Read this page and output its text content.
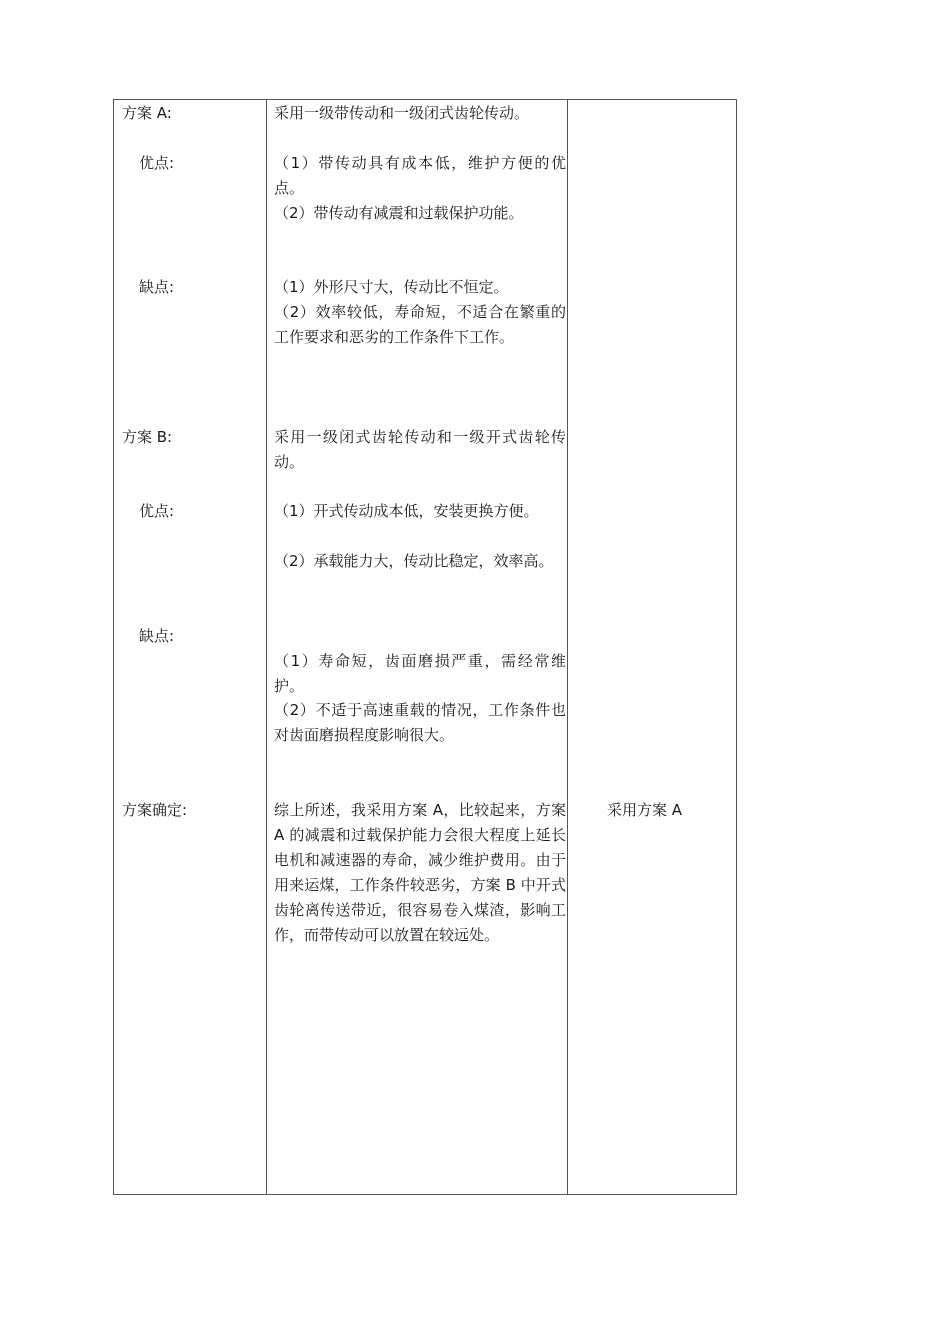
方案 A:
优点:
缺点:
方案 B:
优点:
缺点:
方案确定:
采用一级带传动和一级闭式齿轮传动。
（1）带传动具有成本低，维护方便的优点。
（2）带传动有减震和过载保护功能。
（1）外形尺寸大，传动比不恒定。
（2）效率较低，寿命短，不适合在繁重的工作要求和恶劣的工作条件下工作。
采用一级闭式齿轮传动和一级开式齿轮传动。
（1）开式传动成本低，安装更换方便。
（2）承载能力大，传动比稳定，效率高。
（1）寿命短，齿面磨损严重，需经常维护。
（2）不适于高速重载的情况，工作条件也对齿面磨损程度影响很大。
综上所述，我采用方案 A，比较起来，方案 A 的减震和过载保护能力会很大程度上延长电机和减速器的寿命，减少维护费用。由于用来运煤，工作条件较恶劣，方案 B 中开式齿轮离传送带近，很容易卷入煤渣，影响工作，而带传动可以放置在较远处。
采用方案 A
